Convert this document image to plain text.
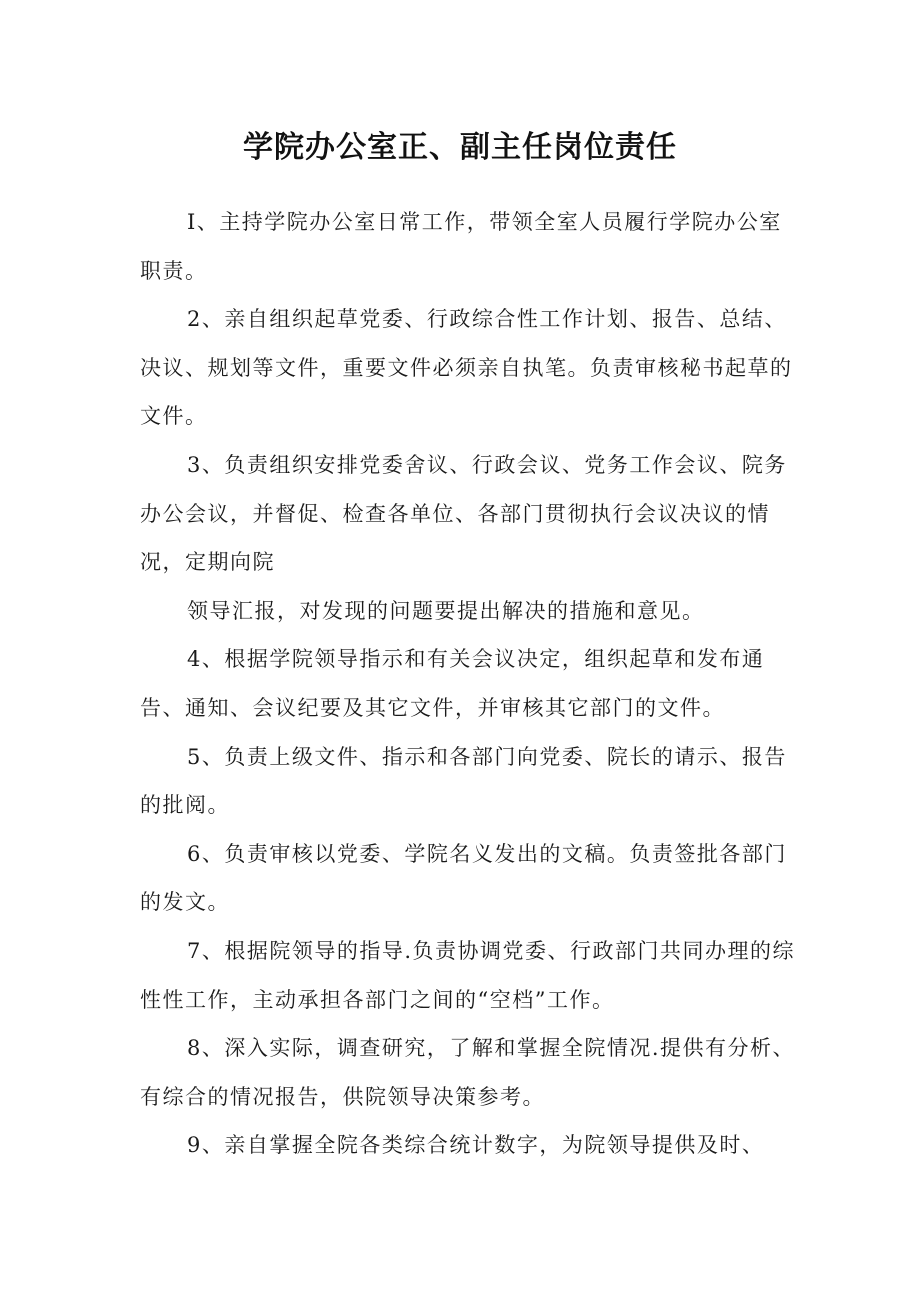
学院办公室正、副主任岗位责任

I、主持学院办公室日常工作，带领全室人员履行学院办公室职责。

2、亲自组织起草党委、行政综合性工作计划、报告、总结、决议、规划等文件，重要文件必须亲自执笔。负责审核秘书起草的文件。

3、负责组织安排党委舍议、行政会议、党务工作会议、院务办公会议，并督促、检查各单位、各部门贯彻执行会议决议的情况，定期向院

领导汇报，对发现的问题要提出解决的措施和意见。

4、根据学院领导指示和有关会议决定，组织起草和发布通告、通知、会议纪要及其它文件，并审核其它部门的文件。

5、负责上级文件、指示和各部门向党委、院长的请示、报告的批阅。

6、负责审核以党委、学院名义发出的文稿。负责签批各部门的发文。

7、根据院领导的指导.负责协调党委、行政部门共同办理的综性性工作，主动承担各部门之间的“空档”工作。

8、深入实际，调查研究，了解和掌握全院情况.提供有分析、有综合的情况报告，供院领导决策参考。

9、亲自掌握全院各类综合统计数字，为院领导提供及时、
